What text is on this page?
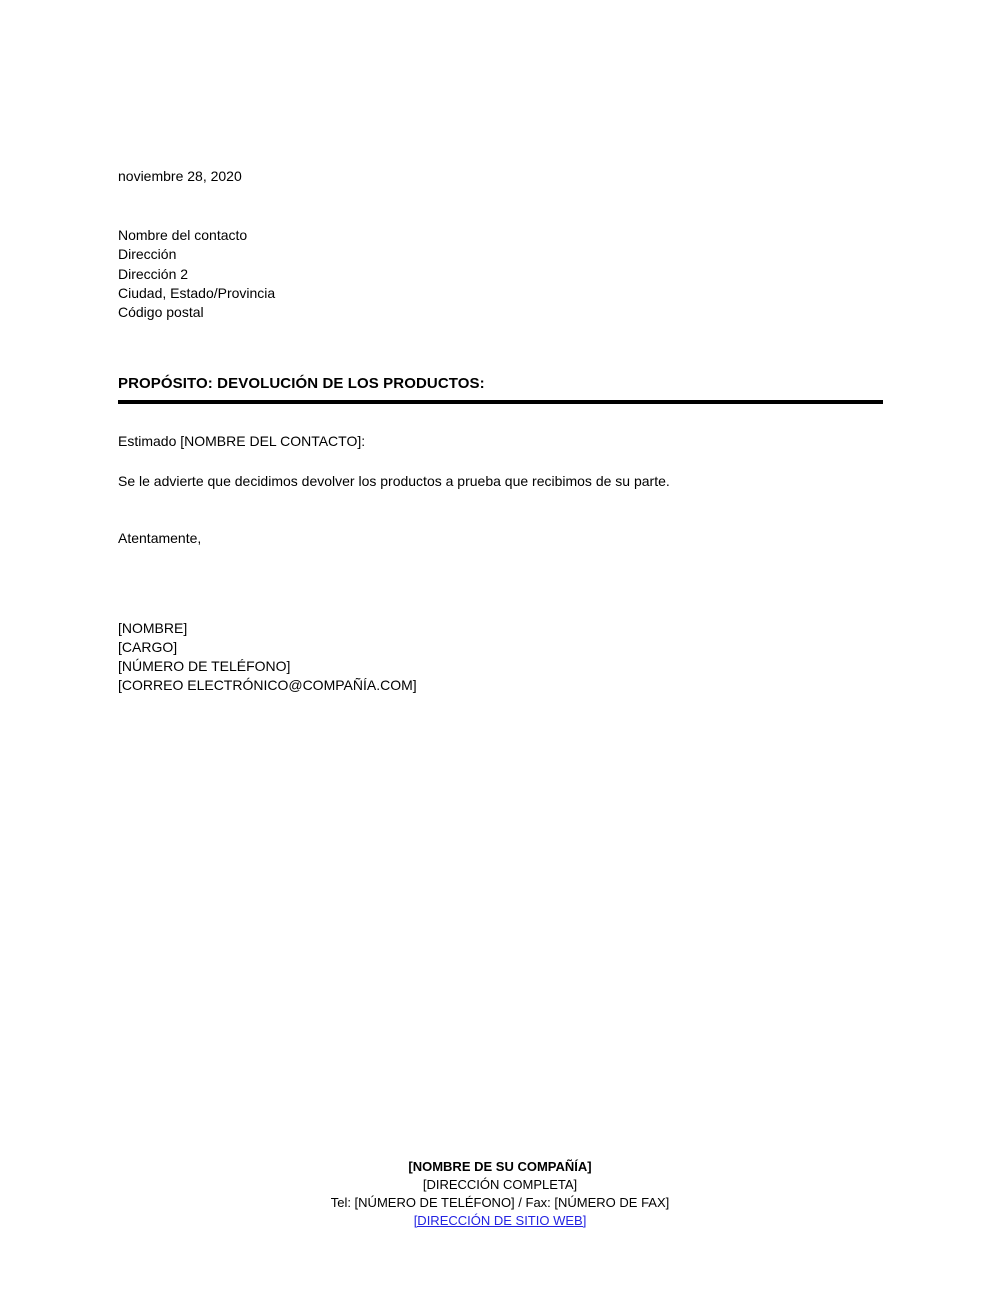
noviembre 28, 2020
Nombre del contacto
Dirección
Dirección 2
Ciudad, Estado/Provincia
Código postal
PROPÓSITO: DEVOLUCIÓN DE LOS PRODUCTOS:
Estimado [NOMBRE DEL CONTACTO]:
Se le advierte que decidimos devolver los productos a prueba que recibimos de su parte.
Atentamente,
[NOMBRE]
[CARGO]
[NÚMERO DE TELÉFONO]
[CORREO ELECTRÓNICO@COMPAÑÍA.COM]
[NOMBRE DE SU COMPAÑÍA]
[DIRECCIÓN COMPLETA]
Tel: [NÚMERO DE TELÉFONO] / Fax: [NÚMERO DE FAX]
[DIRECCIÓN DE SITIO WEB]
